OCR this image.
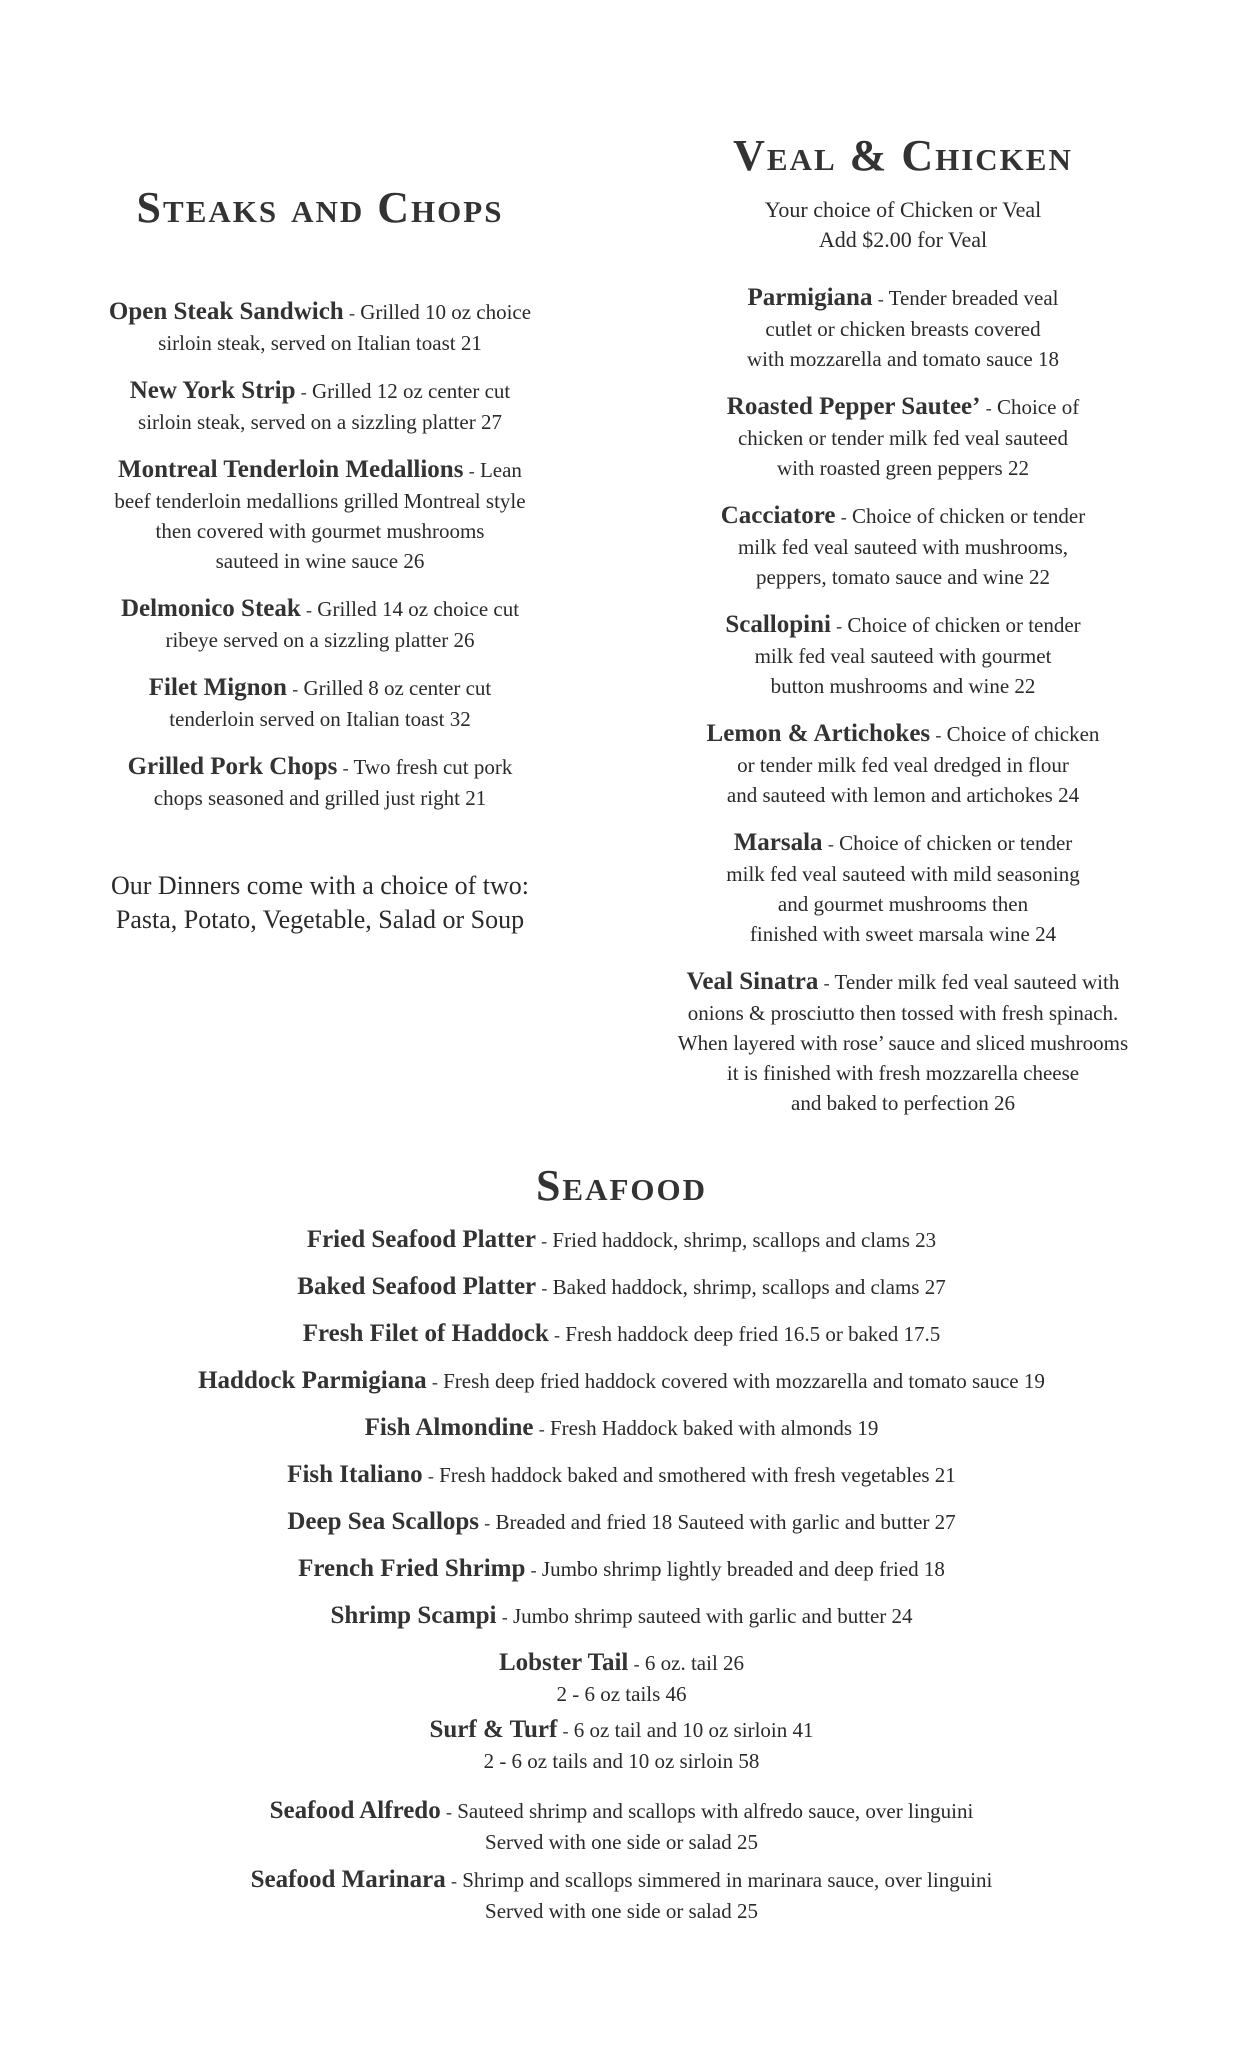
Steaks and Chops
Open Steak Sandwich - Grilled 10 oz choice
sirloin steak, served on Italian toast 21
New York Strip - Grilled 12 oz center cut
sirloin steak, served on a sizzling platter 27
Montreal Tenderloin Medallions - Lean
beef tenderloin medallions grilled Montreal style
then covered with gourmet mushrooms
sauteed in wine sauce 26
Delmonico Steak - Grilled 14 oz choice cut
ribeye served on a sizzling platter 26
Filet Mignon - Grilled 8 oz center cut
tenderloin served on Italian toast 32
Grilled Pork Chops - Two fresh cut pork
chops seasoned and grilled just right 21
Our Dinners come with a choice of two:
Pasta, Potato, Vegetable, Salad or Soup
Veal & Chicken
Your choice of Chicken or Veal
Add $2.00 for Veal
Parmigiana - Tender breaded veal
cutlet or chicken breasts covered
with mozzarella and tomato sauce 18
Roasted Pepper Sautee’ - Choice of
chicken or tender milk fed veal sauteed
with roasted green peppers 22
Cacciatore - Choice of chicken or tender
milk fed veal sauteed with mushrooms,
peppers, tomato sauce and wine 22
Scallopini - Choice of chicken or tender
milk fed veal sauteed with gourmet
button mushrooms and wine 22
Lemon & Artichokes - Choice of chicken
or tender milk fed veal dredged in flour
and sauteed with lemon and artichokes 24
Marsala - Choice of chicken or tender
milk fed veal sauteed with mild seasoning
and gourmet mushrooms then
finished with sweet marsala wine 24
Veal Sinatra - Tender milk fed veal sauteed with
onions & prosciutto then tossed with fresh spinach.
When layered with rose’ sauce and sliced mushrooms
it is finished with fresh mozzarella cheese
and baked to perfection 26
Seafood
Fried Seafood Platter - Fried haddock, shrimp, scallops and clams 23
Baked Seafood Platter - Baked haddock, shrimp, scallops and clams 27
Fresh Filet of Haddock - Fresh haddock deep fried 16.5 or baked 17.5
Haddock Parmigiana - Fresh deep fried haddock covered with mozzarella and tomato sauce 19
Fish Almondine - Fresh Haddock baked with almonds 19
Fish Italiano - Fresh haddock baked and smothered with fresh vegetables 21
Deep Sea Scallops - Breaded and fried 18 Sauteed with garlic and butter 27
French Fried Shrimp - Jumbo shrimp lightly breaded and deep fried 18
Shrimp Scampi - Jumbo shrimp sauteed with garlic and butter 24
Lobster Tail - 6 oz. tail 26
2 - 6 oz tails 46
Surf & Turf - 6 oz tail and 10 oz sirloin 41
2 - 6 oz tails and 10 oz sirloin 58
Seafood Alfredo - Sauteed shrimp and scallops with alfredo sauce, over linguini
Served with one side or salad 25
Seafood Marinara - Shrimp and scallops simmered in marinara sauce, over linguini
Served with one side or salad 25
